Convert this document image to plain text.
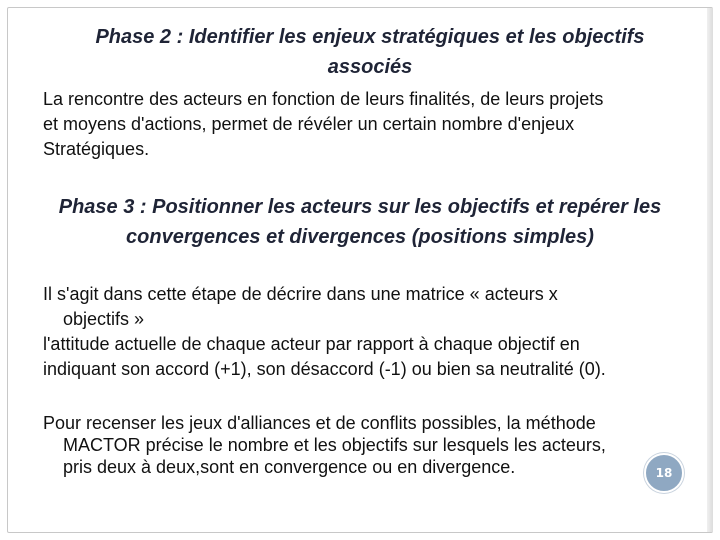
Phase 2 : Identifier les enjeux stratégiques et les objectifs
associés

La rencontre des acteurs en fonction de leurs finalités, de leurs projets
et moyens d'actions, permet de révéler un certain nombre d'enjeux
Stratégiques.

Phase 3 : Positionner les acteurs sur les objectifs et repérer les
convergences et divergences (positions simples)

Il s'agit dans cette étape de décrire dans une matrice « acteurs x
objectifs »
l'attitude actuelle de chaque acteur par rapport à chaque objectif en
indiquant son accord (+1), son désaccord (-1) ou bien sa neutralité (0).

Pour recenser les jeux d'alliances et de conflits possibles, la méthode
MACTOR précise le nombre et les objectifs sur lesquels les acteurs,
pris deux à deux,sont en convergence ou en divergence.	18
